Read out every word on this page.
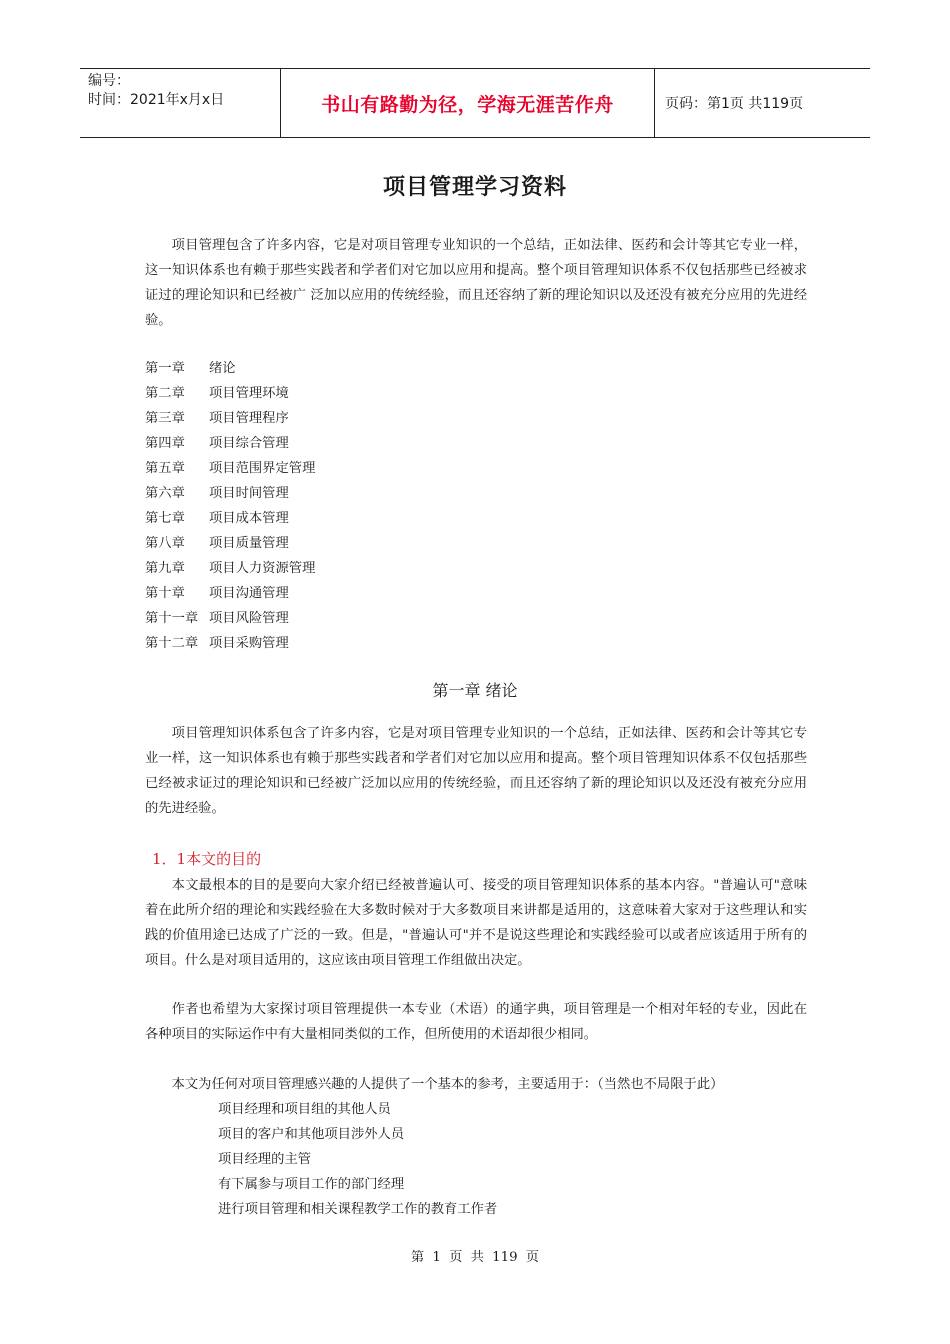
编号：
时间：2021年x月x日	书山有路勤为径，学海无涯苦作舟	页码：第1页 共119页
项目管理学习资料

项目管理包含了许多内容，它是对项目管理专业知识的一个总结，正如法律、医药和会计等其它专业一样，这一知识体系也有赖于那些实践者和学者们对它加以应用和提高。整个项目管理知识体系不仅包括那些已经被求证过的理论知识和已经被广 泛加以应用的传统经验，而且还容纳了新的理论知识以及还没有被充分应用的先进经验。

第一章	绪论
第二章	项目管理环境
第三章	项目管理程序
第四章	项目综合管理
第五章	项目范围界定管理
第六章	项目时间管理
第七章	项目成本管理
第八章	项目质量管理
第九章	项目人力资源管理
第十章	项目沟通管理
第十一章 项目风险管理
第十二章 项目采购管理
第一章 绪论

项目管理知识体系包含了许多内容，它是对项目管理专业知识的一个总结，正如法律、医药和会计等其它专业一样，这一知识体系也有赖于那些实践者和学者们对它加以应用和提高。整个项目管理知识体系不仅包括那些已经被求证过的理论知识和已经被广泛加以应用的传统经验，而且还容纳了新的理论知识以及还没有被充分应用的先进经验。

1．1本文的目的

本文最根本的目的是要向大家介绍已经被普遍认可、接受的项目管理知识体系的基本内容。"普遍认可"意味着在此所介绍的理论和实践经验在大多数时候对于大多数项目来讲都是适用的，这意味着大家对于这些理认和实践的价值用途已达成了广泛的一致。但是，"普遍认可"并不是说这些理论和实践经验可以或者应该适用于所有的项目。什么是对项目适用的，这应该由项目管理工作组做出决定。

作者也希望为大家探讨项目管理提供一本专业（术语）的通字典，项目管理是一个相对年轻的专业，因此在各种项目的实际运作中有大量相同类似的工作，但所使用的术语却很少相同。

本文为任何对项目管理感兴趣的人提供了一个基本的参考，主要适用于：（当然也不局限于此）

项目经理和项目组的其他人员
项目的客户和其他项目涉外人员
项目经理的主管
有下属参与项目工作的部门经理
进行项目管理和相关课程教学工作的教育工作者
第 1 页 共 119 页
